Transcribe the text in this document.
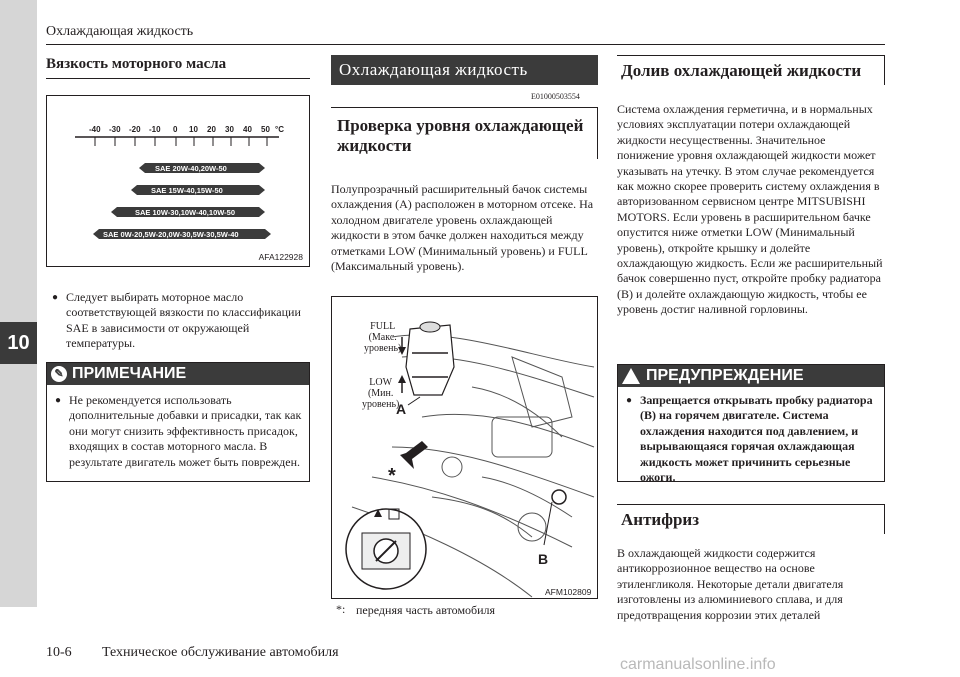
10
Охлаждающая жидкость
Вязкость моторного масла
-40 -30 -20 -10 0 10 20 30 40 50 °C
SAE 20W-40,20W-50
SAE 15W-40,15W-50
SAE 10W-30,10W-40,10W-50
SAE 0W-20,5W-20,0W-30,5W-30,5W-40
AFA122928
● Следует выбирать моторное масло соответствующей вязкости по классификации SAE в зависимости от окружающей температуры.
✎ ПРИМЕЧАНИЕ
● Не рекомендуется использовать дополнительные добавки и присадки, так как они могут снизить эффективность присадок, входящих в состав моторного масла. В результате двигатель может быть поврежден.
Охлаждающая жидкость
E01000503554
Проверка уровня охлаждающей жидкости
Полупрозрачный расширительный бачок системы охлаждения (A) расположен в моторном отсеке. На холодном двигателе уровень охлаждающей жидкости в этом бачке должен находиться между отметками LOW (Минимальный уровень) и FULL (Максимальный уровень).
FULL
(Макс.
уровень)
LOW
(Мин.
уровень)
A
B
*
AFM102809
*: передняя часть автомобиля
Долив охлаждающей жидкости
Система охлаждения герметична, и в нормальных условиях эксплуатации потери охлаждающей жидкости несущественны. Значительное понижение уровня охлаждающей жидкости может указывать на утечку. В этом случае рекомендуется как можно скорее проверить систему охлаждения в авторизованном сервисном центре MITSUBISHI MOTORS. Если уровень в расширительном бачке опустится ниже отметки LOW (Минимальный уровень), откройте крышку и долейте охлаждающую жидкость. Если же расширительный бачок совершенно пуст, откройте пробку радиатора (B) и долейте охлаждающую жидкость, чтобы ее уровень достиг наливной горловины.
ПРЕДУПРЕЖДЕНИЕ
● Запрещается открывать пробку радиатора (B) на горячем двигателе. Система охлаждения находится под давлением, и вырывающаяся горячая охлаждающая жидкость может причинить серьезные ожоги.
Антифриз
В охлаждающей жидкости содержится антикоррозионное вещество на основе этиленгликоля. Некоторые детали двигателя изготовлены из алюминиевого сплава, и для предотвращения коррозии этих деталей
10-6 Техническое обслуживание автомобиля
carmanualsonline.info
